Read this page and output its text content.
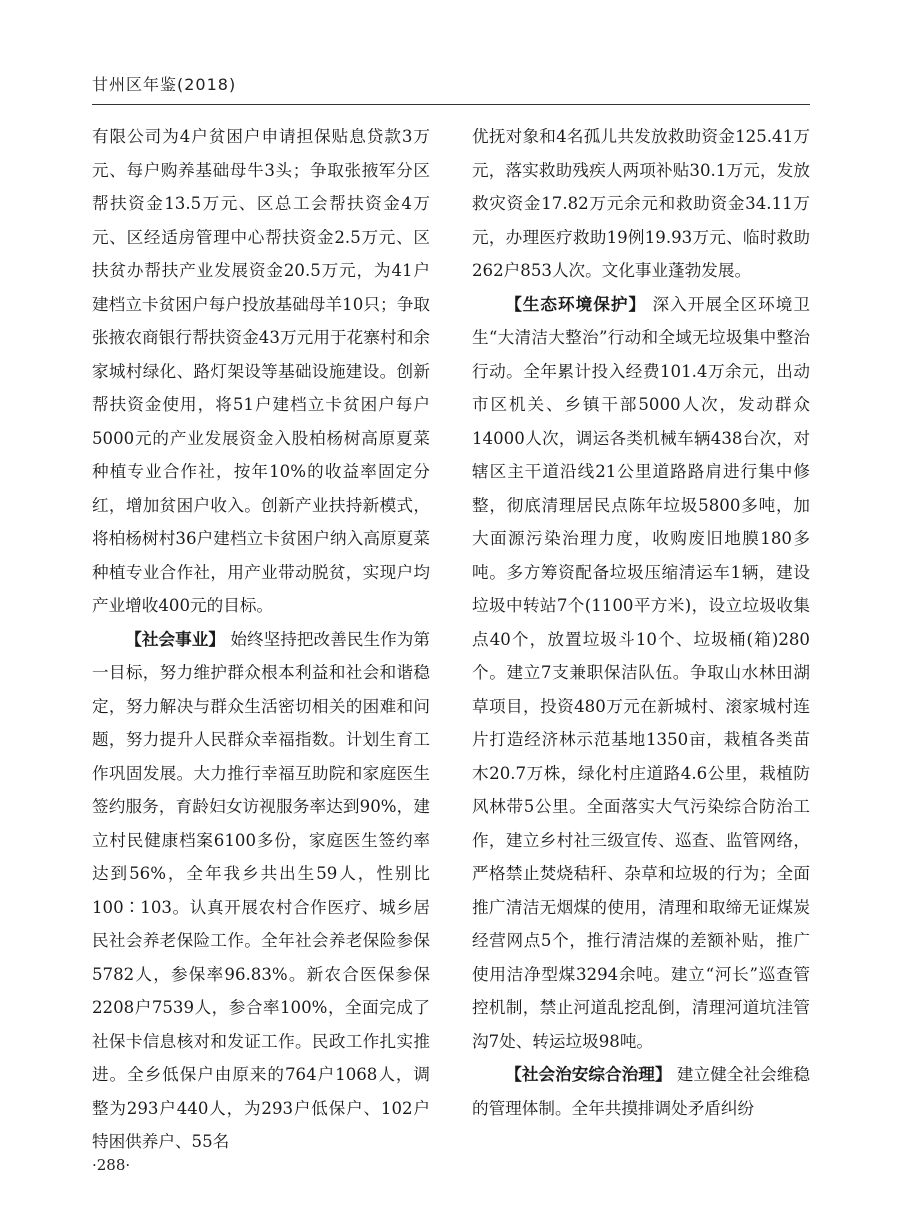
甘州区年鉴(2018)

有限公司为4户贫困户申请担保贴息贷款3万元、每户购养基础母牛3头；争取张掖军分区帮扶资金13.5万元、区总工会帮扶资金4万元、区经适房管理中心帮扶资金2.5万元、区扶贫办帮扶产业发展资金20.5万元，为41户建档立卡贫困户每户投放基础母羊10只；争取张掖农商银行帮扶资金43万元用于花寨村和余家城村绿化、路灯架设等基础设施建设。创新帮扶资金使用，将51户建档立卡贫困户每户5000元的产业发展资金入股柏杨树高原夏菜种植专业合作社，按年10%的收益率固定分红，增加贫困户收入。创新产业扶持新模式，将柏杨树村36户建档立卡贫困户纳入高原夏菜种植专业合作社，用产业带动脱贫，实现户均产业增收400元的目标。

【社会事业】 始终坚持把改善民生作为第一目标，努力维护群众根本利益和社会和谐稳定，努力解决与群众生活密切相关的困难和问题，努力提升人民群众幸福指数。计划生育工作巩固发展。大力推行幸福互助院和家庭医生签约服务，育龄妇女访视服务率达到90%，建立村民健康档案6100多份，家庭医生签约率达到56%，全年我乡共出生59人，性别比100∶103。认真开展农村合作医疗、城乡居民社会养老保险工作。全年社会养老保险参保5782人，参保率96.83%。新农合医保参保2208户7539人，参合率100%，全面完成了社保卡信息核对和发证工作。民政工作扎实推进。全乡低保户由原来的764户1068人，调整为293户440人，为293户低保户、102户特困供养户、55名

优抚对象和4名孤儿共发放救助资金125.41万元，落实救助残疾人两项补贴30.1万元，发放救灾资金17.82万元余元和救助资金34.11万元，办理医疗救助19例19.93万元、临时救助262户853人次。文化事业蓬勃发展。

【生态环境保护】 深入开展全区环境卫生“大清洁大整治”行动和全域无垃圾集中整治行动。全年累计投入经费101.4万余元，出动市区机关、乡镇干部5000人次，发动群众14000人次，调运各类机械车辆438台次，对辖区主干道沿线21公里道路路肩进行集中修整，彻底清理居民点陈年垃圾5800多吨，加大面源污染治理力度，收购废旧地膜180多吨。多方筹资配备垃圾压缩清运车1辆，建设垃圾中转站7个(1100平方米)，设立垃圾收集点40个，放置垃圾斗10个、垃圾桶(箱)280个。建立7支兼职保洁队伍。争取山水林田湖草项目，投资480万元在新城村、滚家城村连片打造经济林示范基地1350亩，栽植各类苗木20.7万株，绿化村庄道路4.6公里，栽植防风林带5公里。全面落实大气污染综合防治工作，建立乡村社三级宣传、巡查、监管网络，严格禁止焚烧秸秆、杂草和垃圾的行为；全面推广清洁无烟煤的使用，清理和取缔无证煤炭经营网点5个，推行清洁煤的差额补贴，推广使用洁净型煤3294余吨。建立“河长”巡查管控机制，禁止河道乱挖乱倒，清理河道坑洼管沟7处、转运垃圾98吨。

【社会治安综合治理】 建立健全社会维稳的管理体制。全年共摸排调处矛盾纠纷

·288·
